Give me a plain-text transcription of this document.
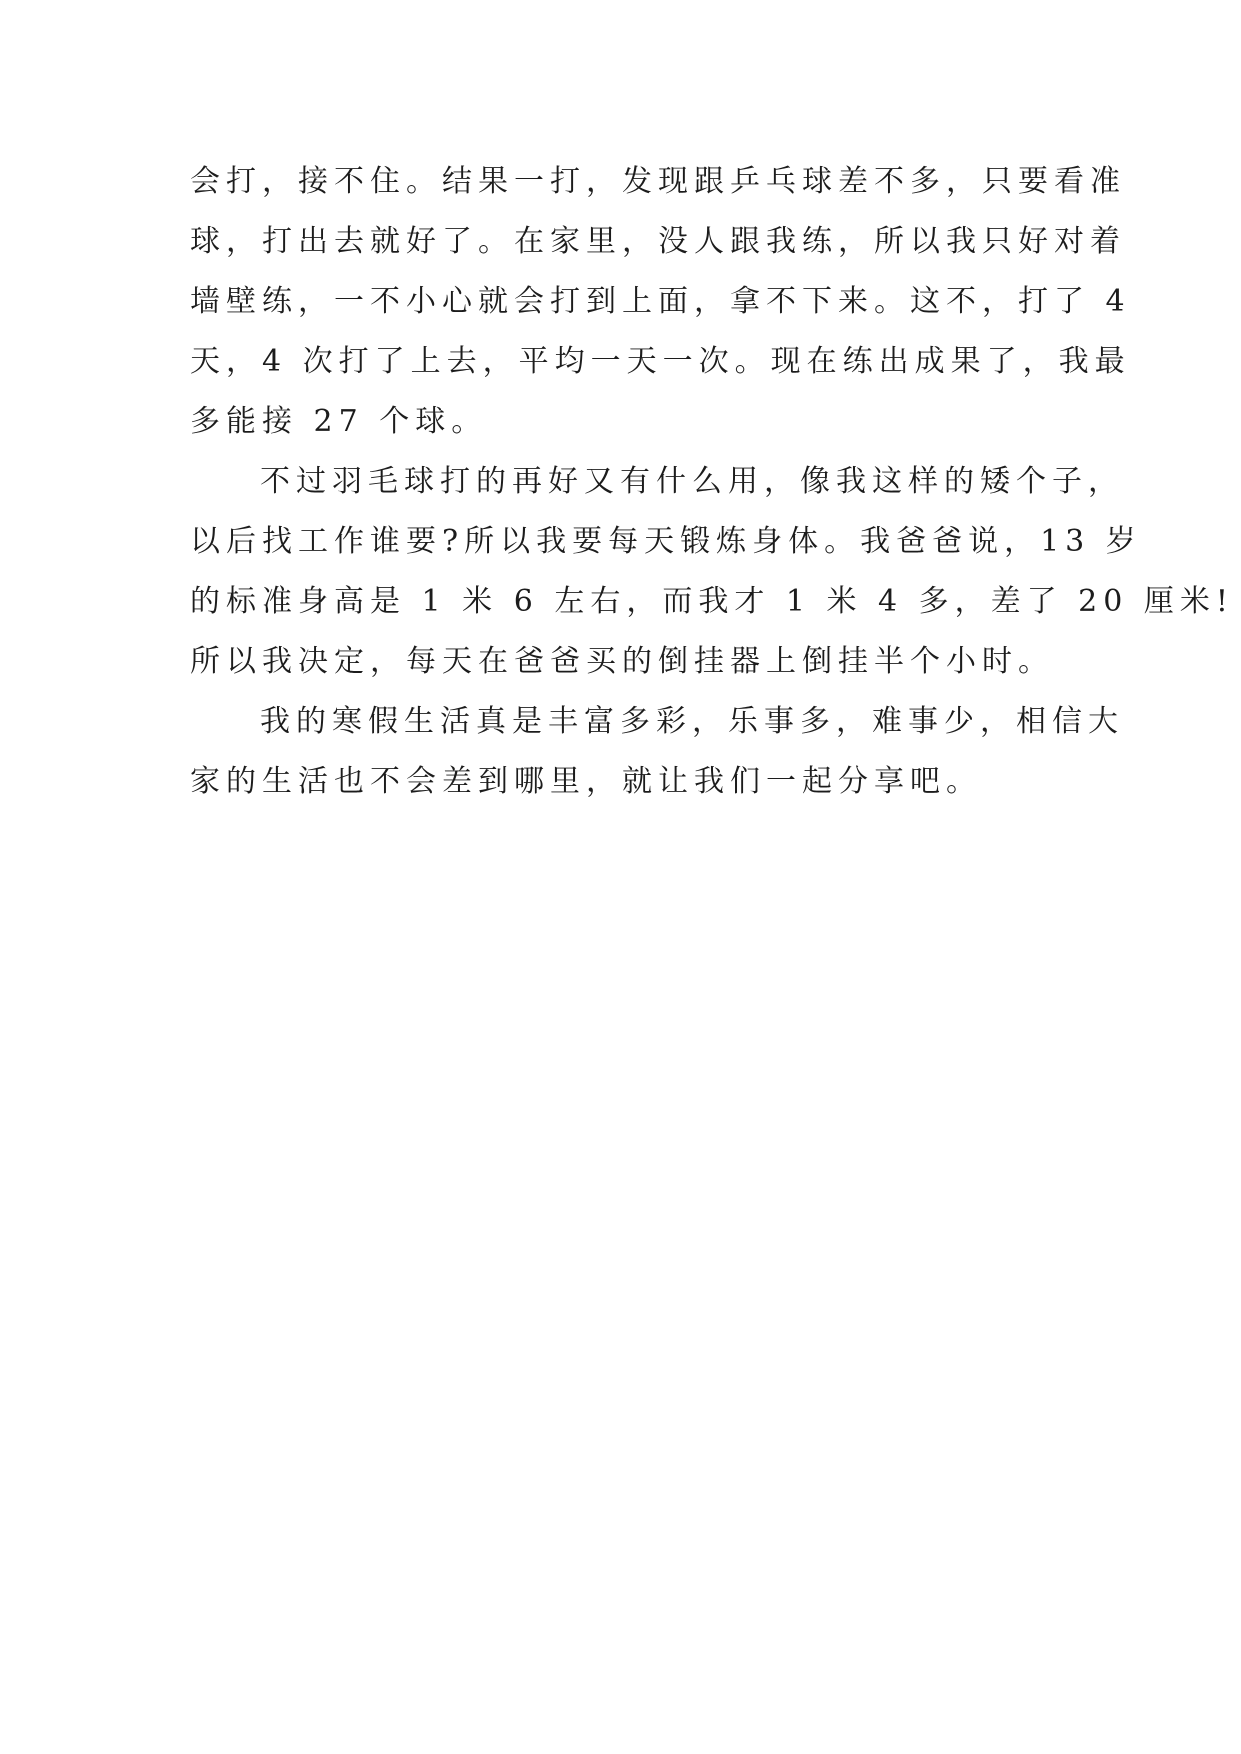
会打，接不住。结果一打，发现跟乒乓球差不多，只要看准
球，打出去就好了。在家里，没人跟我练，所以我只好对着
墙壁练，一不小心就会打到上面，拿不下来。这不，打了 4
天，4 次打了上去，平均一天一次。现在练出成果了，我最
多能接 27 个球。
不过羽毛球打的再好又有什么用，像我这样的矮个子，
以后找工作谁要?所以我要每天锻炼身体。我爸爸说，13 岁
的标准身高是 1 米 6 左右，而我才 1 米 4 多，差了 20 厘米!
所以我决定，每天在爸爸买的倒挂器上倒挂半个小时。
我的寒假生活真是丰富多彩，乐事多，难事少，相信大
家的生活也不会差到哪里，就让我们一起分享吧。
